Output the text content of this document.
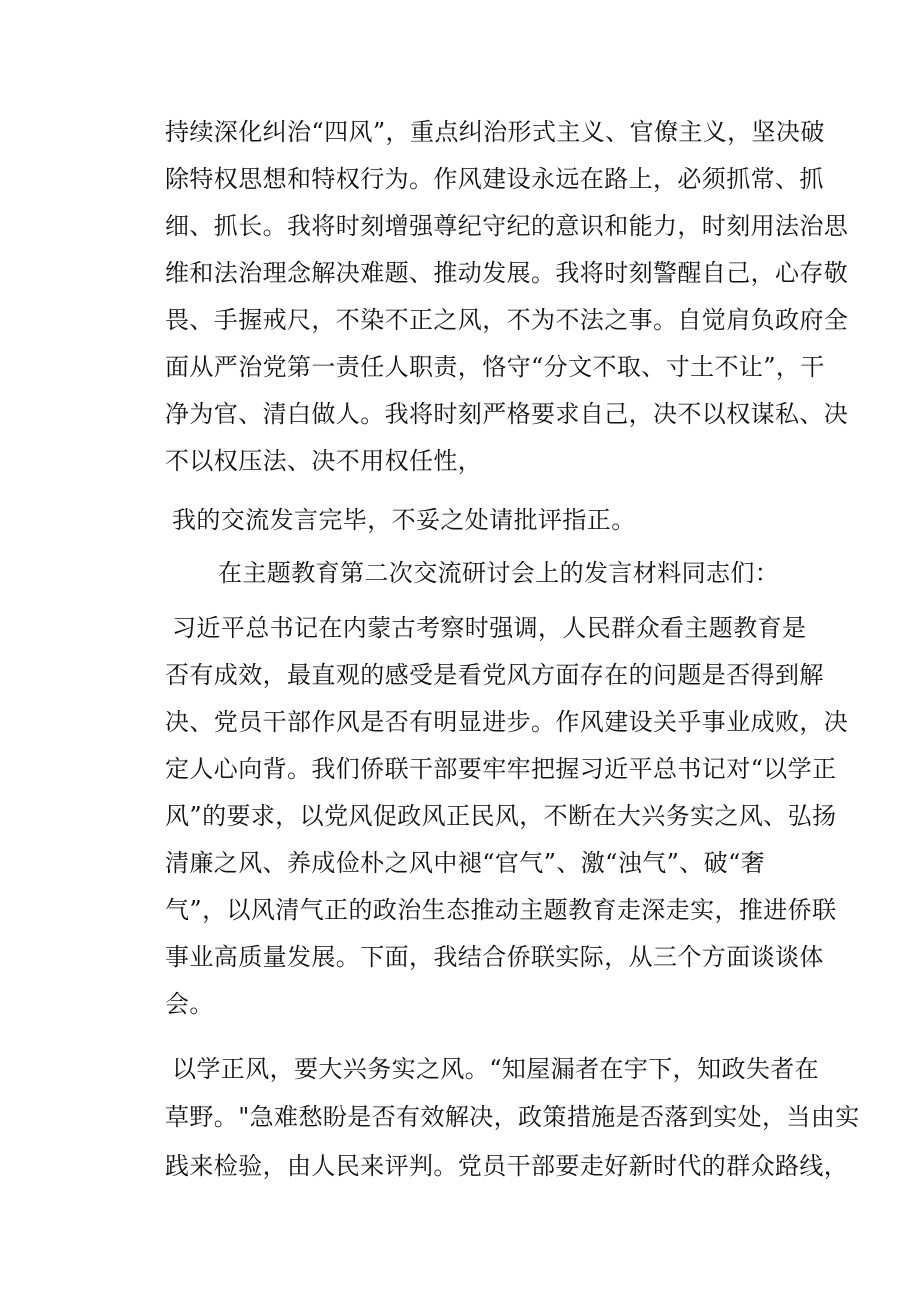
持续深化纠治“四风”，重点纠治形式主义、官僚主义，坚决破
除特权思想和特权行为。作风建设永远在路上，必须抓常、抓
细、抓长。我将时刻增强尊纪守纪的意识和能力，时刻用法治思
维和法治理念解决难题、推动发展。我将时刻警醒自己，心存敬
畏、手握戒尺，不染不正之风，不为不法之事。自觉肩负政府全
面从严治党第一责任人职责，恪守“分文不取、寸土不让”，干
净为官、清白做人。我将时刻严格要求自己，决不以权谋私、决
不以权压法、决不用权任性，
我的交流发言完毕，不妥之处请批评指正。
在主题教育第二次交流研讨会上的发言材料同志们：
习近平总书记在内蒙古考察时强调，人民群众看主题教育是
否有成效，最直观的感受是看党风方面存在的问题是否得到解
决、党员干部作风是否有明显进步。作风建设关乎事业成败，决
定人心向背。我们侨联干部要牢牢把握习近平总书记对“以学正
风”的要求，以党风促政风正民风，不断在大兴务实之风、弘扬
清廉之风、养成俭朴之风中褪“官气”、激“浊气”、破“奢
气”，以风清气正的政治生态推动主题教育走深走实，推进侨联
事业高质量发展。下面，我结合侨联实际，从三个方面谈谈体
会。
以学正风，要大兴务实之风。“知屋漏者在宇下，知政失者在
草野。"急难愁盼是否有效解决，政策措施是否落到实处，当由实
践来检验，由人民来评判。党员干部要走好新时代的群众路线，
